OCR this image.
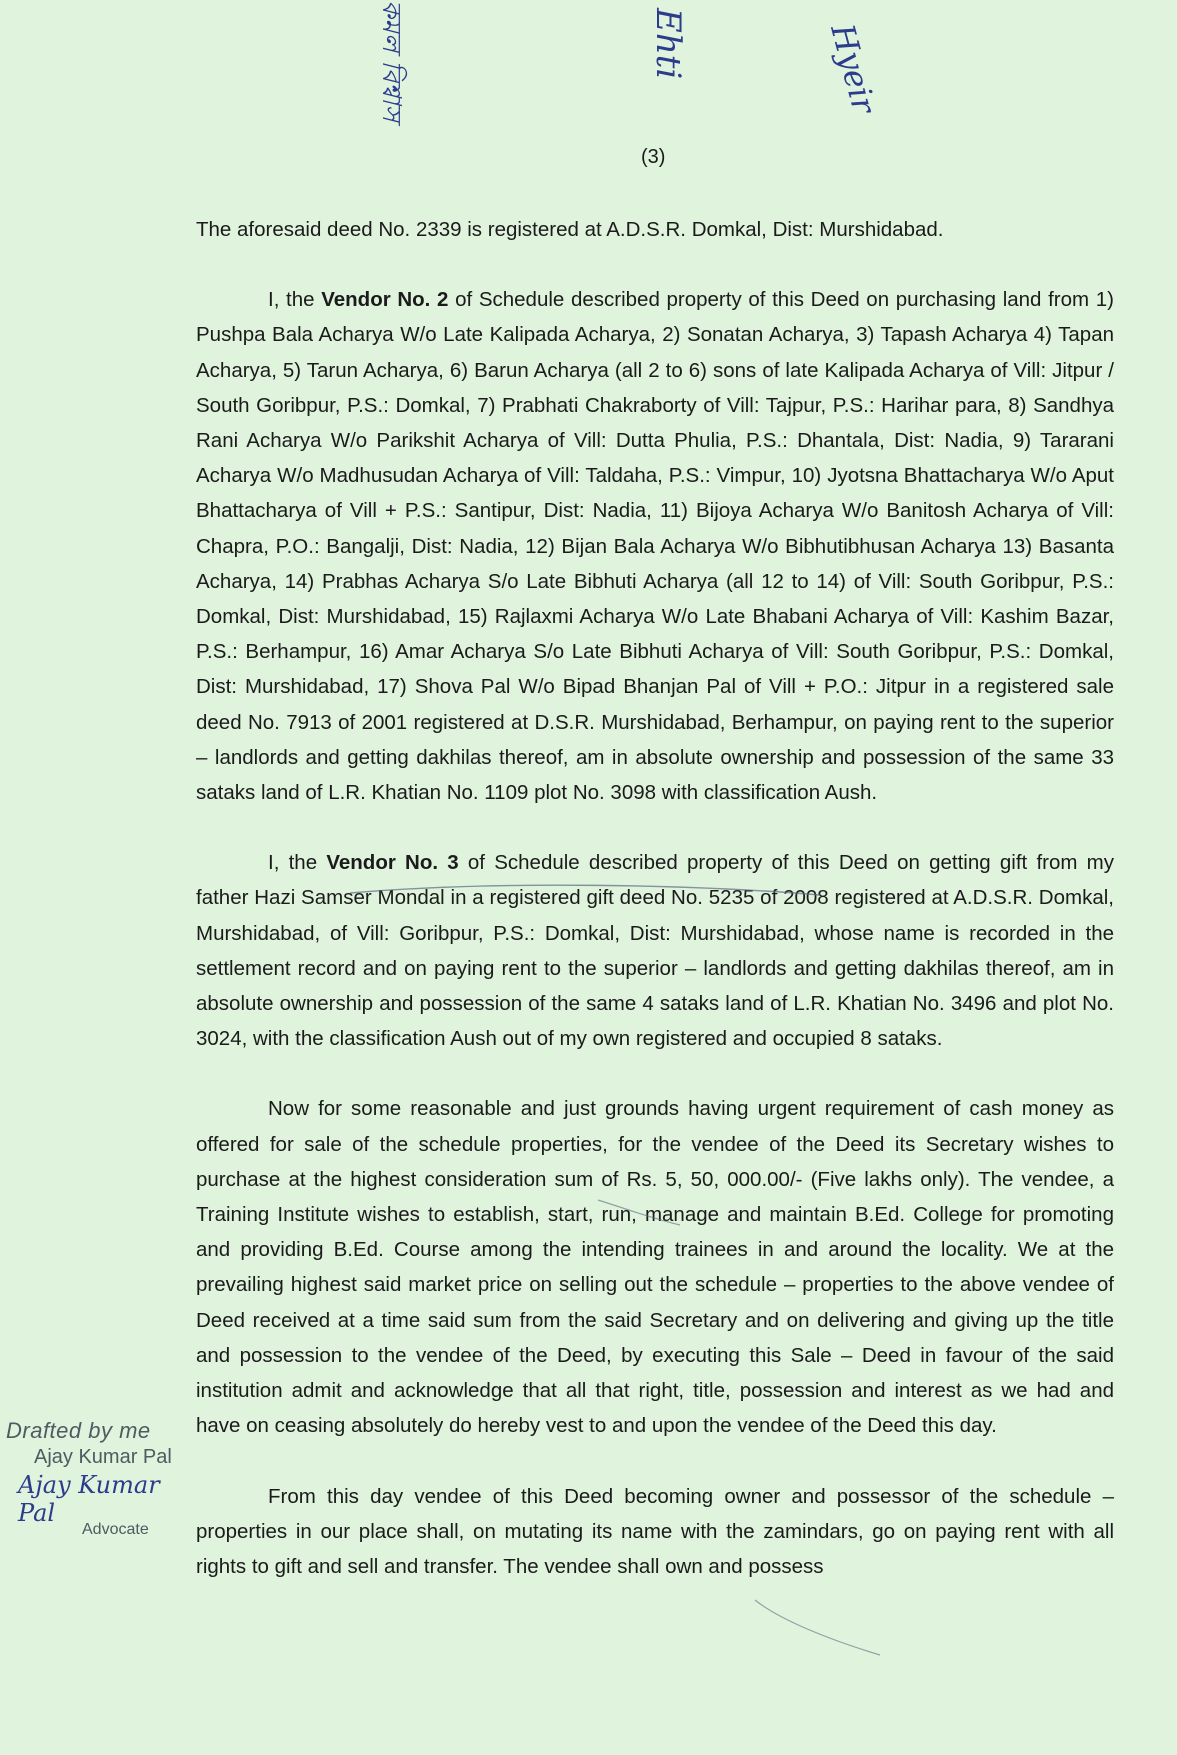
কমল বিশ্বাস	Ehti	Hyeir
(3)

The aforesaid deed No. 2339 is registered at A.D.S.R. Domkal, Dist: Murshidabad.

I, the Vendor No. 2 of Schedule described property of this Deed on purchasing land from 1) Pushpa Bala Acharya W/o Late Kalipada Acharya, 2) Sonatan Acharya, 3) Tapash Acharya 4) Tapan Acharya, 5) Tarun Acharya, 6) Barun Acharya (all 2 to 6) sons of late Kalipada Acharya of Vill: Jitpur / South Goribpur, P.S.: Domkal, 7) Prabhati Chakraborty of Vill: Tajpur, P.S.: Harihar para, 8) Sandhya Rani Acharya W/o Parikshit Acharya of Vill: Dutta Phulia, P.S.: Dhantala, Dist: Nadia, 9) Tararani Acharya W/o Madhusudan Acharya of Vill: Taldaha, P.S.: Vimpur, 10) Jyotsna Bhattacharya W/o Aput Bhattacharya of Vill + P.S.: Santipur, Dist: Nadia, 11) Bijoya Acharya W/o Banitosh Acharya of Vill: Chapra, P.O.: Bangalji, Dist: Nadia, 12) Bijan Bala Acharya W/o Bibhutibhusan Acharya 13) Basanta Acharya, 14) Prabhas Acharya S/o Late Bibhuti Acharya (all 12 to 14) of Vill: South Goribpur, P.S.: Domkal, Dist: Murshidabad, 15) Rajlaxmi Acharya W/o Late Bhabani Acharya of Vill: Kashim Bazar, P.S.: Berhampur, 16) Amar Acharya S/o Late Bibhuti Acharya of Vill: South Goribpur, P.S.: Domkal, Dist: Murshidabad, 17) Shova Pal W/o Bipad Bhanjan Pal of Vill + P.O.: Jitpur in a registered sale deed No. 7913 of 2001 registered at D.S.R. Murshidabad, Berhampur, on paying rent to the superior – landlords and getting dakhilas thereof, am in absolute ownership and possession of the same 33 sataks land of L.R. Khatian No. 1109 plot No. 3098 with classification Aush.

I, the Vendor No. 3 of Schedule described property of this Deed on getting gift from my father Hazi Samser Mondal in a registered gift deed No. 5235 of 2008 registered at A.D.S.R. Domkal, Murshidabad, of Vill: Goribpur, P.S.: Domkal, Dist: Murshidabad, whose name is recorded in the settlement record and on paying rent to the superior – landlords and getting dakhilas thereof, am in absolute ownership and possession of the same 4 sataks land of L.R. Khatian No. 3496 and plot No. 3024, with the classification Aush out of my own registered and occupied 8 sataks.

Now for some reasonable and just grounds having urgent requirement of cash money as offered for sale of the schedule properties, for the vendee of the Deed its Secretary wishes to purchase at the highest consideration sum of Rs. 5, 50, 000.00/- (Five lakhs only). The vendee, a Training Institute wishes to establish, start, run, manage and maintain B.Ed. College for promoting and providing B.Ed. Course among the intending trainees in and around the locality. We at the prevailing highest said market price on selling out the schedule – properties to the above vendee of Deed received at a time said sum from the said Secretary and on delivering and giving up the title and possession to the vendee of the Deed, by executing this Sale – Deed in favour of the said institution admit and acknowledge that all that right, title, possession and interest as we had and have on ceasing absolutely do hereby vest to and upon the vendee of the Deed this day.

From this day vendee of this Deed becoming owner and possessor of the schedule – properties in our place shall, on mutating its name with the zamindars, go on paying rent with all rights to gift and sell and transfer. The vendee shall own and possess

Drafted by me
Ajay Kumar Pal
Ajay Kumar Pal
Advocate
